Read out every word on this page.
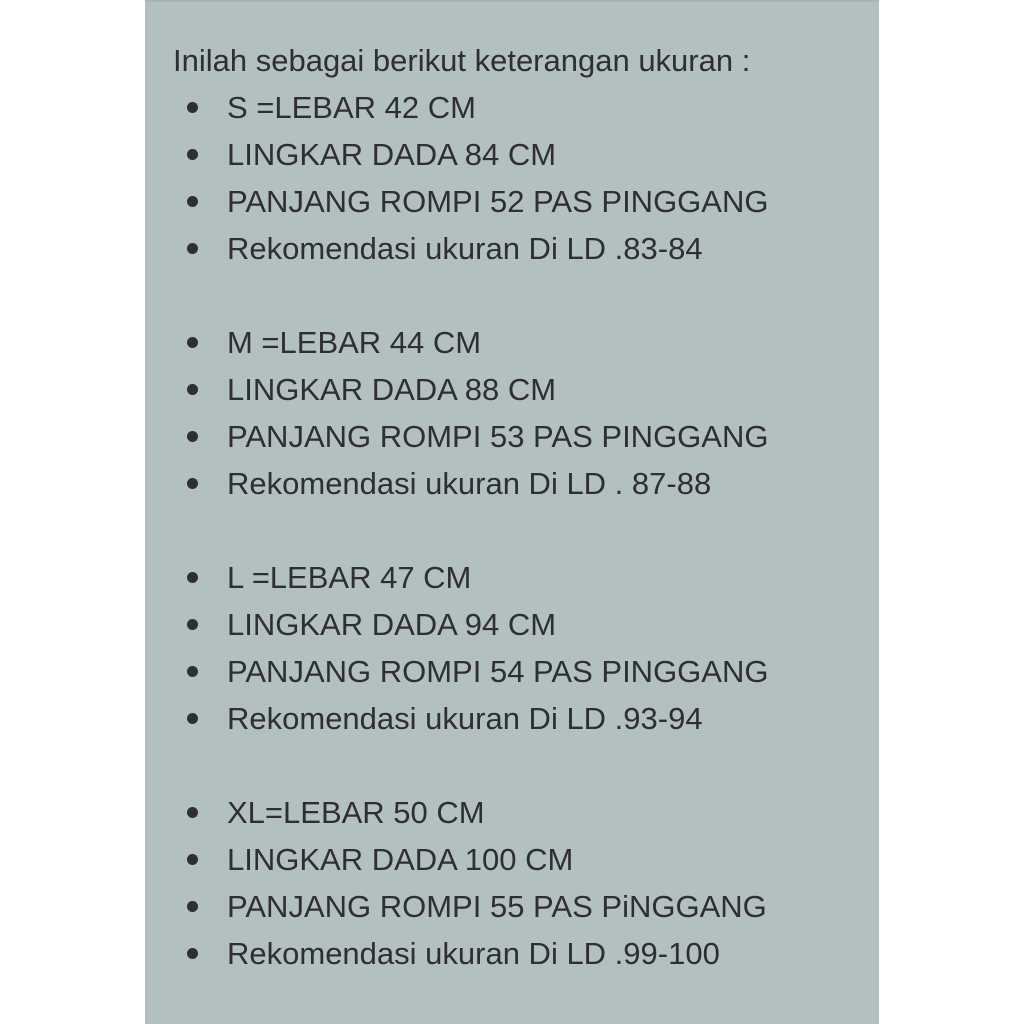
Inilah sebagai berikut keterangan ukuran :

S =LEBAR 42 CM
LINGKAR DADA 84 CM
PANJANG ROMPI 52 PAS PINGGANG
Rekomendasi ukuran Di LD .83-84
M =LEBAR 44 CM
LINGKAR DADA 88 CM
PANJANG ROMPI 53 PAS PINGGANG
Rekomendasi ukuran Di LD . 87-88
L =LEBAR 47 CM
LINGKAR DADA 94 CM
PANJANG ROMPI 54 PAS PINGGANG
Rekomendasi ukuran Di LD .93-94
XL=LEBAR 50 CM
LINGKAR DADA 100 CM
PANJANG ROMPI 55 PAS PiNGGANG
Rekomendasi ukuran Di LD .99-100
